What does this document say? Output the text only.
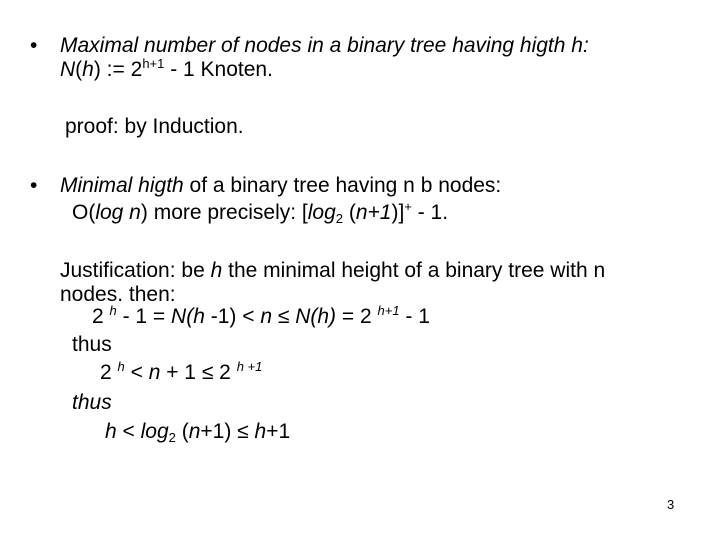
• Maximal number of nodes in a binary tree having higth h:
N(h) := $2^{h+1} - 1$ Knoten.
proof: by Induction.
• Minimal higth of a binary tree having n b nodes:
O(log n) more precisely: [$\log_2$ (n+1)]+ - 1.
Justification: be h the minimal height of a binary tree with n
nodes. then:
2 $^h$ - 1 = N(h -1) < n ≤ N(h) = 2 $^{h+1}$ - 1
thus
2 $^h$ < n + 1 ≤ 2 $^{h +1}$
thus
$h < \log_2 (n+1) \le h+1$
3
